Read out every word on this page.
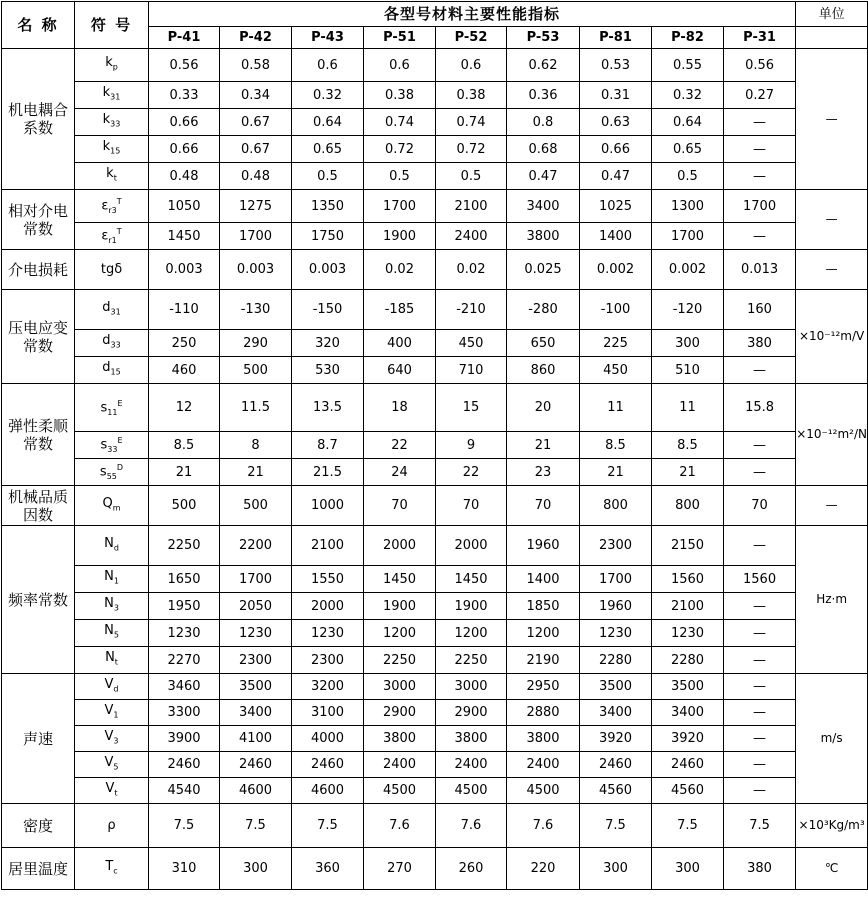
名 称	符 号	各型号材料主要性能指标									单位
		P-41	P-42	P-43	P-51	P-52	P-53	P-81	P-82	P-31	
机电耦合系数	$k_p$	0.56	0.58	0.6	0.6	0.6	0.62	0.53	0.55	0.56	—
	$k_{31}$	0.33	0.34	0.32	0.38	0.38	0.36	0.31	0.32	0.27	
	$k_{33}$	0.66	0.67	0.64	0.74	0.74	0.8	0.63	0.64	—	
	$k_{15}$	0.66	0.67	0.65	0.72	0.72	0.68	0.66	0.65	—	
	$k_t$	0.48	0.48	0.5	0.5	0.5	0.47	0.47	0.5	—	
相对介电常数	$\varepsilon_{r3}^T$	1050	1275	1350	1700	2100	3400	1025	1300	1700	—
	$\varepsilon_{r1}^T$	1450	1700	1750	1900	2400	3800	1400	1700	—	
介电损耗	tgδ	0.003	0.003	0.003	0.02	0.02	0.025	0.002	0.002	0.013	—
压电应变常数	$d_{31}$	-110	-130	-150	-185	-210	-280	-100	-120	160	×10⁻¹²m/V
	$d_{33}$	250	290	320	400	450	650	225	300	380	
	$d_{15}$	460	500	530	640	710	860	450	510	—	
弹性柔顺常数	$s_{11}^E$	12	11.5	13.5	18	15	20	11	11	15.8	×10⁻¹²m²/N
	$s_{33}^E$	8.5	8	8.7	22	9	21	8.5	8.5	—	
	$s_{55}^D$	21	21	21.5	24	22	23	21	21	—	
机械品质因数	$Q_m$	500	500	1000	70	70	70	800	800	70	—
频率常数	$N_d$	2250	2200	2100	2000	2000	1960	2300	2150	—	Hz·m
	$N_1$	1650	1700	1550	1450	1450	1400	1700	1560	1560	
	$N_3$	1950	2050	2000	1900	1900	1850	1960	2100	—	
	$N_5$	1230	1230	1230	1200	1200	1200	1230	1230	—	
	$N_t$	2270	2300	2300	2250	2250	2190	2280	2280	—	
声速	$V_d$	3460	3500	3200	3000	3000	2950	3500	3500	—	m/s
	$V_1$	3300	3400	3100	2900	2900	2880	3400	3400	—	
	$V_3$	3900	4100	4000	3800	3800	3800	3920	3920	—	
	$V_5$	2460	2460	2460	2400	2400	2400	2460	2460	—	
	$V_t$	4540	4600	4600	4500	4500	4500	4560	4560	—	
密度	ρ	7.5	7.5	7.5	7.6	7.6	7.6	7.5	7.5	7.5	×10³Kg/m³
居里温度	$T_c$	310	300	360	270	260	220	300	300	380	℃
